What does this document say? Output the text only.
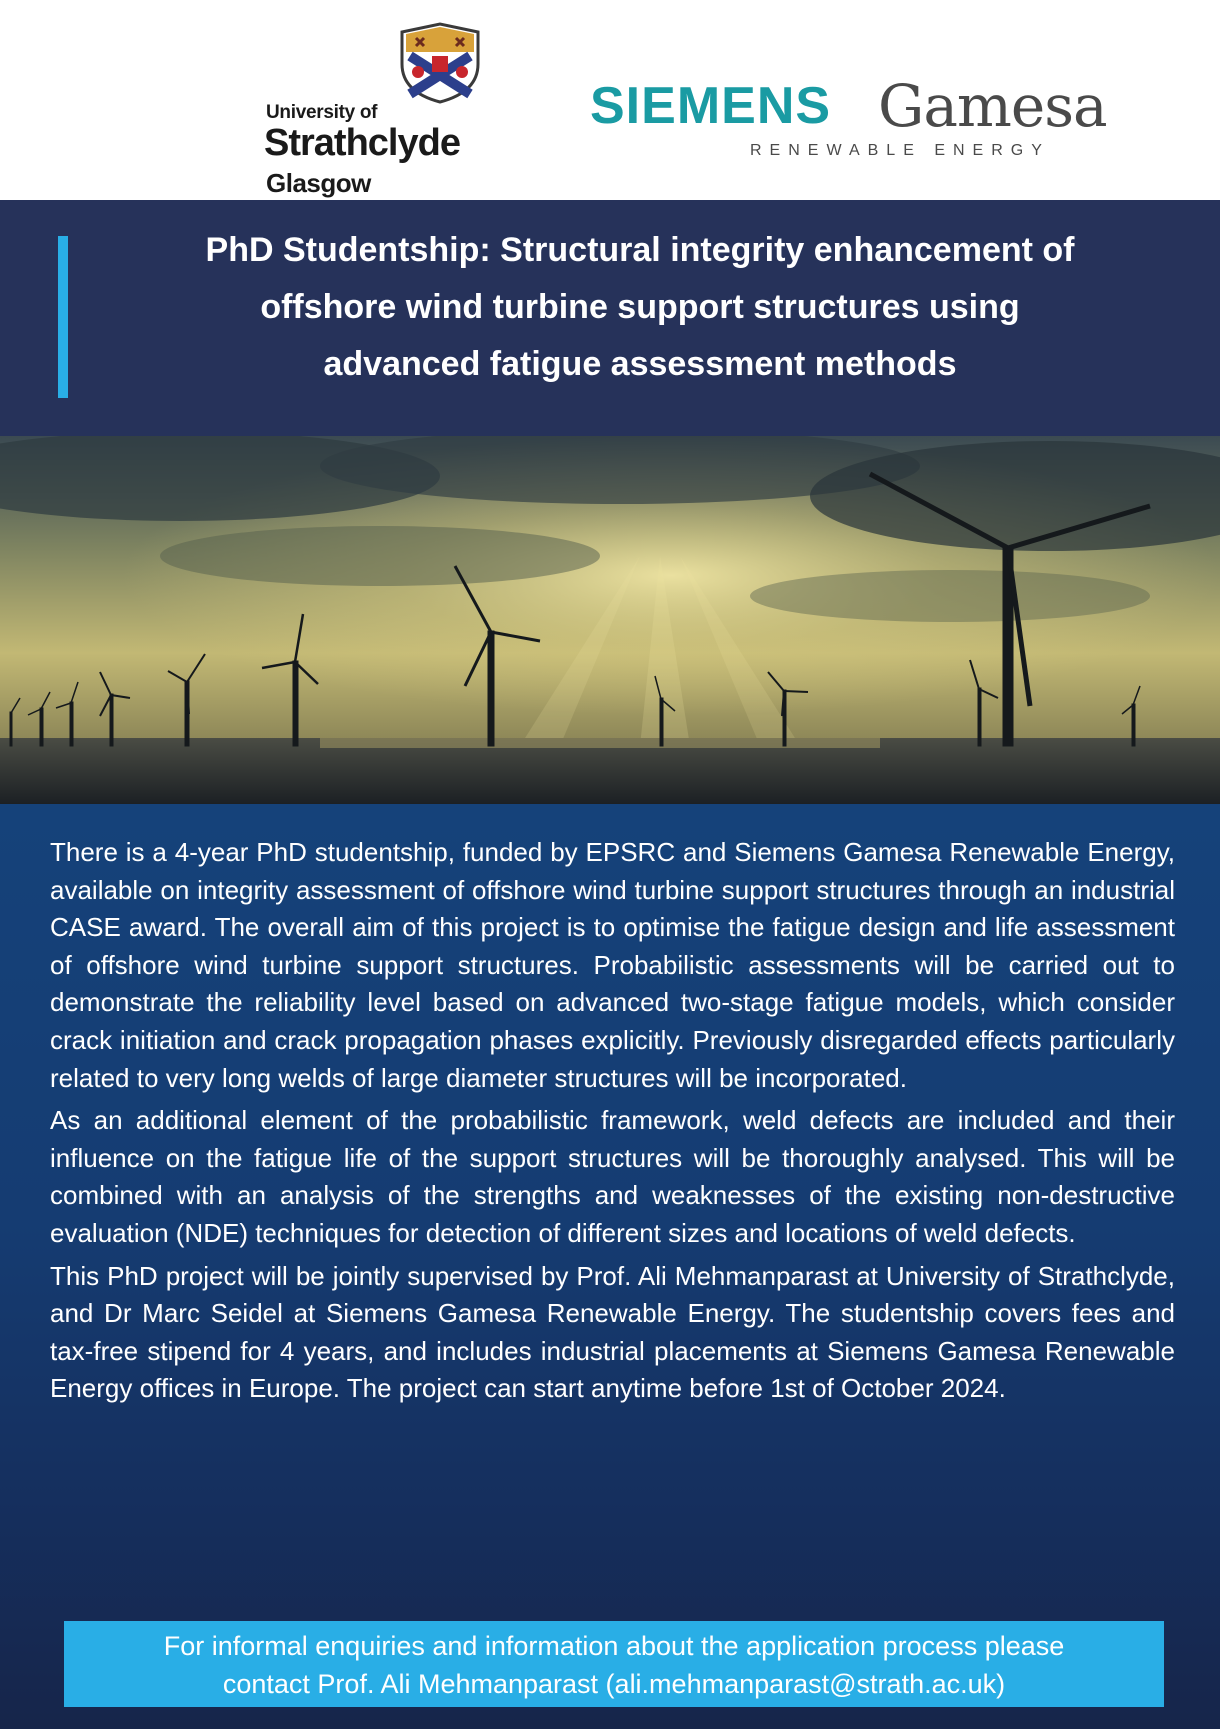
University of
Strathclyde
Glasgow
SIEMENS Gamesa
RENEWABLE ENERGY
PhD Studentship: Structural integrity enhancement of
offshore wind turbine support structures using
advanced fatigue assessment methods

There is a 4-year PhD studentship, funded by EPSRC and Siemens Gamesa Renewable Energy, available on integrity assessment of offshore wind turbine support structures through an industrial CASE award. The overall aim of this project is to optimise the fatigue design and life assessment of offshore wind turbine support structures. Probabilistic assessments will be carried out to demonstrate the reliability level based on advanced two-stage fatigue models, which consider crack initiation and crack propagation phases explicitly. Previously disregarded effects particularly related to very long welds of large diameter structures will be incorporated.

As an additional element of the probabilistic framework, weld defects are included and their influence on the fatigue life of the support structures will be thoroughly analysed. This will be combined with an analysis of the strengths and weaknesses of the existing non-destructive evaluation (NDE) techniques for detection of different sizes and locations of weld defects.

This PhD project will be jointly supervised by Prof. Ali Mehmanparast at University of Strathclyde, and Dr Marc Seidel at Siemens Gamesa Renewable Energy. The studentship covers fees and tax-free stipend for 4 years, and includes industrial placements at Siemens Gamesa Renewable Energy offices in Europe. The project can start anytime before 1st of October 2024.

For informal enquiries and information about the application process please
contact Prof. Ali Mehmanparast (ali.mehmanparast@strath.ac.uk)
